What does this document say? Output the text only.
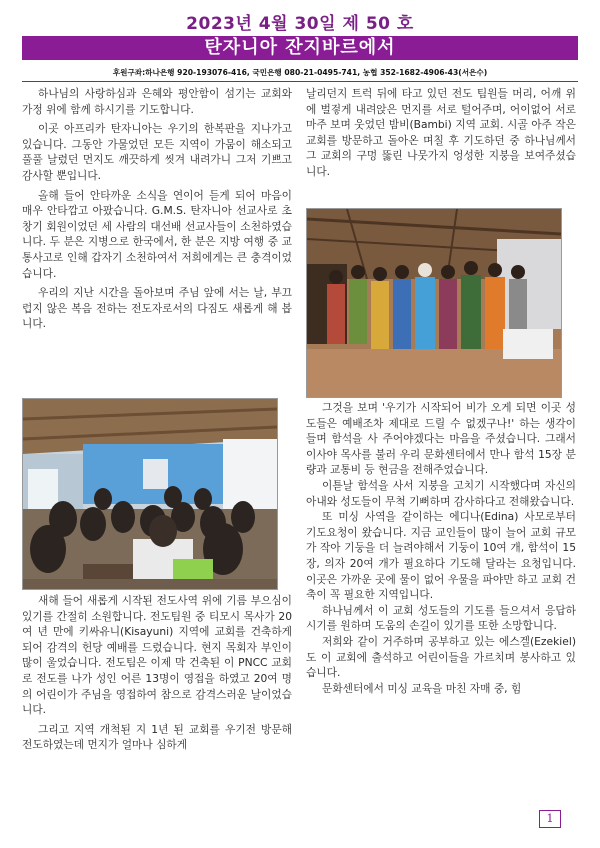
2023년 4월 30일 제 50 호
탄자니아 잔지바르에서
후원구좌:하나은행 920-193076-416, 국민은행 080-21-0495-741, 농협 352-1682-4906-43(서은수)

하나님의 사랑하심과 은혜와 평안함이 섬기는 교회와 가정 위에 함께 하시기를 기도합니다.

이곳 아프리카 탄자니아는 우기의 한복판을 지나가고 있습니다. 그동안 가물었던 모든 지역이 가뭄이 해소되고 풀풀 날렸던 먼지도 깨끗하게 씻겨 내려가니 그저 기쁘고 감사할 뿐입니다.

올해 들어 안타까운 소식을 연이어 듣게 되어 마음이 매우 안타깝고 아팠습니다. G.M.S. 탄자니아 선교사로 초창기 회원이었던 세 사람의 대선배 선교사들이 소천하였습니다. 두 분은 지병으로 한국에서, 한 분은 지방 여행 중 교통사고로 인해 갑자기 소천하여서 저희에게는 큰 충격이었습니다.

우리의 지난 시간을 돌아보며 주님 앞에 서는 날, 부끄럽지 않은 복음 전하는 전도자로서의 다짐도 새롭게 해 봅니다.

새해 들어 새롭게 시작된 전도사역 위에 기름 부으심이 있기를 간절히 소원합니다. 전도팀원 중 티모시 목사가 20여 년 만에 키싸유니(Kisayuni) 지역에 교회를 건축하게 되어 감격의 헌당 예배를 드렸습니다. 현지 목회자 부인이 많이 울었습니다. 전도팀은 이제 막 건축된 이 PNCC 교회로 전도를 나가 성인 어른 13명이 영접을 하였고 20여 명의 어린이가 주님을 영접하여 참으로 감격스러운 날이었습니다.

그리고 지역 개척된 지 1년 된 교회를 우기전 방문해 전도하였는데 먼지가 얼마나 심하게

날리던지 트럭 뒤에 타고 있던 전도 팀원들 머리, 어깨 위에 벌겋게 내려앉은 먼지를 서로 털어주며, 어이없어 서로 마주 보며 웃었던 밤비(Bambi) 지역 교회. 시골 아주 작은 교회를 방문하고 돌아온 며칠 후 기도하던 중 하나님께서 그 교회의 구멍 뚫린 나뭇가지 엉성한 지붕을 보여주셨습니다.

그것을 보며 '우기가 시작되어 비가 오게 되면 이곳 성도들은 예배조차 제대로 드릴 수 없겠구나!' 하는 생각이 들며 함석을 사 주어야겠다는 마음을 주셨습니다. 그래서 이사야 목사를 불러 우리 문화센터에서 만나 함석 15장 분량과 교통비 등 현금을 전해주었습니다.

이튿날 함석을 사서 지붕을 고치기 시작했다며 자신의 아내와 성도들이 무척 기뻐하며 감사하다고 전해왔습니다.

또 미싱 사역을 같이하는 에디나(Edina) 사모로부터 기도요청이 왔습니다. 지금 교인들이 많이 늘어 교회 규모가 작아 기둥을 더 늘려야해서 기둥이 10여 개, 함석이 15장, 의자 20여 개가 필요하다 기도해 달라는 요청입니다. 이곳은 가까운 곳에 물이 없어 우물을 파야만 하고 교회 건축이 꼭 필요한 지역입니다.

하나님께서 이 교회 성도들의 기도를 들으셔서 응답하시기를 원하며 도움의 손길이 있기를 또한 소망합니다.

저희와 같이 거주하며 공부하고 있는 에스겔(Ezekiel)도 이 교회에 출석하고 어린이들을 가르치며 봉사하고 있습니다.

문화센터에서 미싱 교육을 마친 자매 중, 힘

1
